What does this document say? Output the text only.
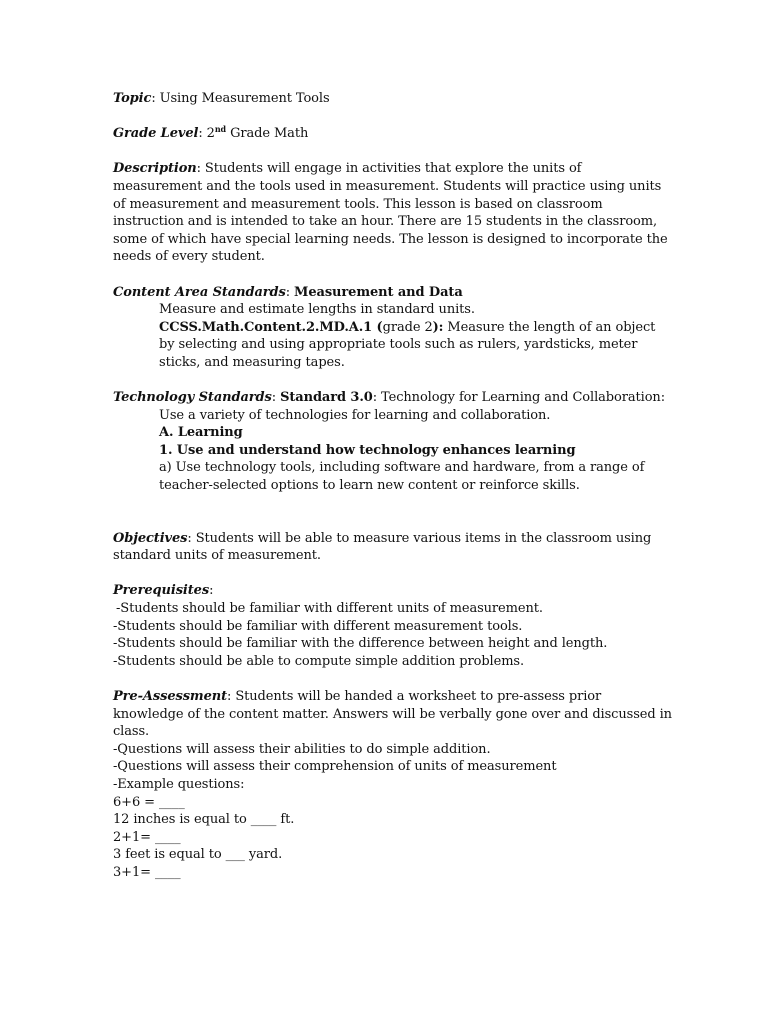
Topic: Using Measurement Tools
Grade Level: 2nd Grade Math
Description: Students will engage in activities that explore the units of measurement and the tools used in measurement. Students will practice using units of measurement and measurement tools. This lesson is based on classroom instruction and is intended to take an hour. There are 15 students in the classroom, some of which have special learning needs. The lesson is designed to incorporate the needs of every student.
Content Area Standards: Measurement and Data
Measure and estimate lengths in standard units.
CCSS.Math.Content.2.MD.A.1 (grade 2): Measure the length of an object by selecting and using appropriate tools such as rulers, yardsticks, meter sticks, and measuring tapes.
Technology Standards: Standard 3.0: Technology for Learning and Collaboration:
Use a variety of technologies for learning and collaboration.
A. Learning
1. Use and understand how technology enhances learning
a) Use technology tools, including software and hardware, from a range of teacher-selected options to learn new content or reinforce skills.
Objectives: Students will be able to measure various items in the classroom using standard units of measurement.
Prerequisites:
-Students should be familiar with different units of measurement.
-Students should be familiar with different measurement tools.
-Students should be familiar with the difference between height and length.
-Students should be able to compute simple addition problems.
Pre-Assessment: Students will be handed a worksheet to pre-assess prior knowledge of the content matter. Answers will be verbally gone over and discussed in class.
-Questions will assess their abilities to do simple addition.
-Questions will assess their comprehension of units of measurement
-Example questions:
6+6 = ____
12 inches is equal to ____ ft.
2+1= ____
3 feet is equal to ___ yard.
3+1= ____
